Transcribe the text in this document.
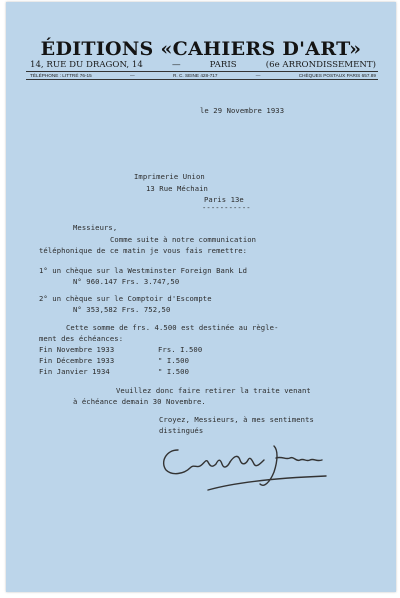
ÉDITIONS «CAHIERS D'ART»
14, RUE DU DRAGON, 14	—	PARIS	(6e ARRONDISSEMENT)
TÉLÉPHONE : LITTRÉ 76-15	—	R. C. SEINE 428-717	—	CHÈQUES POSTAUX PARIS 657.89
le 29 Novembre 1933
Imprimerie Union
13 Rue Méchain
Paris 13e
-----------
Messieurs,
Comme suite à notre communication
téléphonique de ce matin je vous fais remettre:
1° un chèque sur la Westminster Foreign Bank Ld
N° 960.147 Frs. 3.747,50
2° un chèque sur le Comptoir d'Escompte
N° 353,582 Frs. 752,50
Cette somme de frs. 4.500 est destinée au règle-
ment des échéances:
Fin Novembre 1933	Frs. I.500
Fin Décembre 1933	" I.500
Fin Janvier 1934	" I.500
Veuillez donc faire retirer la traite venant
à échéance demain 30 Novembre.
Croyez, Messieurs, à mes sentiments
distingués
